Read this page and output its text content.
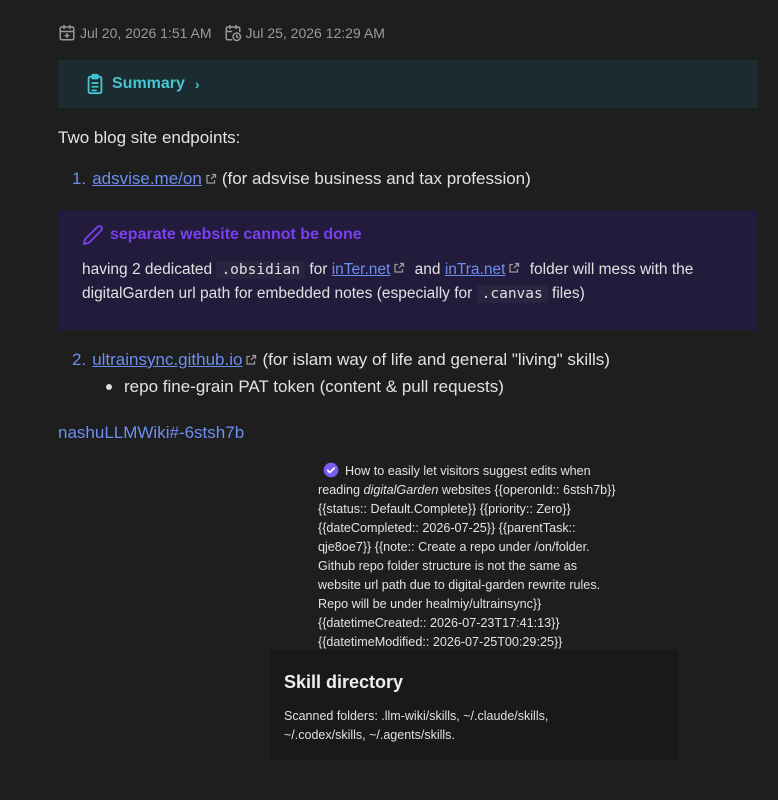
Jul 20, 2026 1:51 AM Jul 25, 2026 12:29 AM
Summary ›
Two blog site endpoints:
1. adsvise.me/on (for adsvise business and tax profession)
separate website cannot be done
having 2 dedicated .obsidian for inTer.net and inTra.net folder will mess with the
digitalGarden url path for embedded notes (especially for .canvas files)
2. ultrainsync.github.io (for islam way of life and general "living" skills)
repo fine-grain PAT token (content & pull requests)
nashuLLMWiki#-6stsh7b
How to easily let visitors suggest edits when
reading digitalGarden websites {{operonId:: 6stsh7b}}
{{status:: Default.Complete}} {{priority:: Zero}}
{{dateCompleted:: 2026-07-25}} {{parentTask::
qje8oe7}} {{note:: Create a repo under /on/folder.
Github repo folder structure is not the same as
website url path due to digital-garden rewrite rules.
Repo will be under healmiy/ultrainsync}}
{{datetimeCreated:: 2026-07-23T17:41:13}}
{{datetimeModified:: 2026-07-25T00:29:25}}
Skill directory
Scanned folders: .llm-wiki/skills, ~/.claude/skills,
~/.codex/skills, ~/.agents/skills.
